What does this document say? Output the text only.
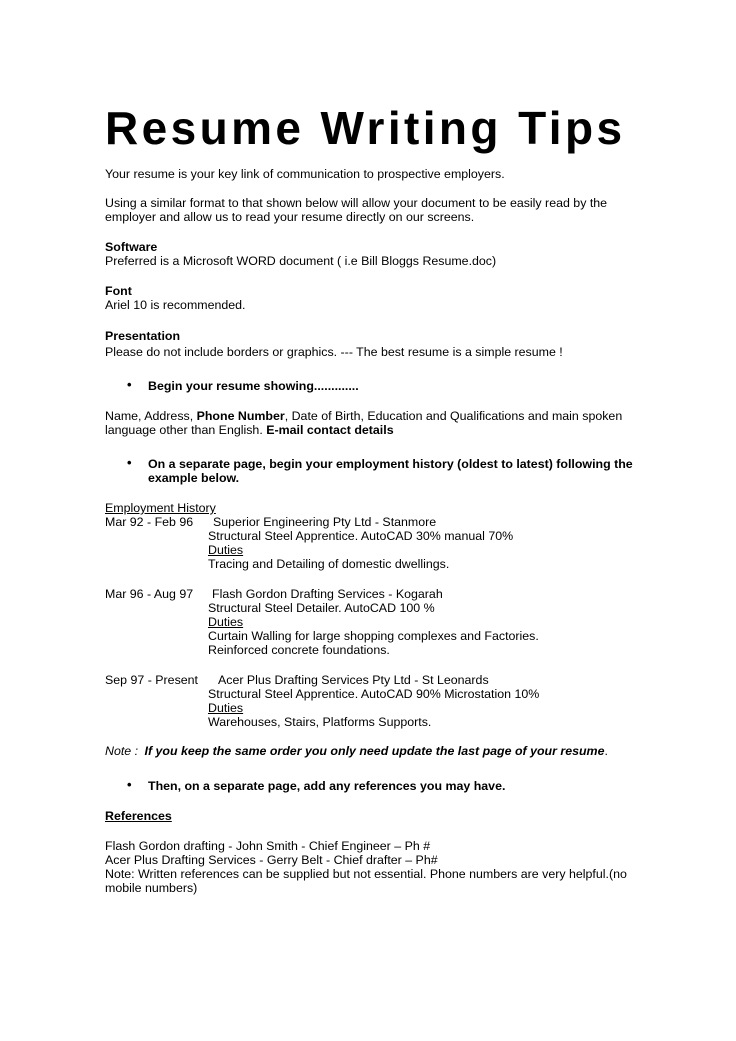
Resume Writing Tips
Your resume is your key link of communication to prospective employers.
Using a similar format to that shown below will allow your document to be easily read by the
employer and allow us to read your resume directly on our screens.
Software
Preferred is a Microsoft WORD document ( i.e Bill Bloggs Resume.doc)
Font
Ariel 10 is recommended.
Presentation
Please do not include borders or graphics. --- The best resume is a simple resume !
• Begin your resume showing.............
Name, Address, Phone Number, Date of Birth, Education and Qualifications and main spoken
language other than English. E-mail contact details
• On a separate page, begin your employment history (oldest to latest) following the
example below.
Employment History
Mar 92 - Feb 96 Superior Engineering Pty Ltd - Stanmore
Structural Steel Apprentice. AutoCAD 30% manual 70%
Duties
Tracing and Detailing of domestic dwellings.
Mar 96 - Aug 97 Flash Gordon Drafting Services - Kogarah
Structural Steel Detailer. AutoCAD 100 %
Duties
Curtain Walling for large shopping complexes and Factories.
Reinforced concrete foundations.
Sep 97 - Present Acer Plus Drafting Services Pty Ltd - St Leonards
Structural Steel Apprentice. AutoCAD 90% Microstation 10%
Duties
Warehouses, Stairs, Platforms Supports.
Note : If you keep the same order you only need update the last page of your resume.
• Then, on a separate page, add any references you may have.
References
Flash Gordon drafting - John Smith - Chief Engineer – Ph #
Acer Plus Drafting Services - Gerry Belt - Chief drafter – Ph#
Note: Written references can be supplied but not essential. Phone numbers are very helpful.(no
mobile numbers)
